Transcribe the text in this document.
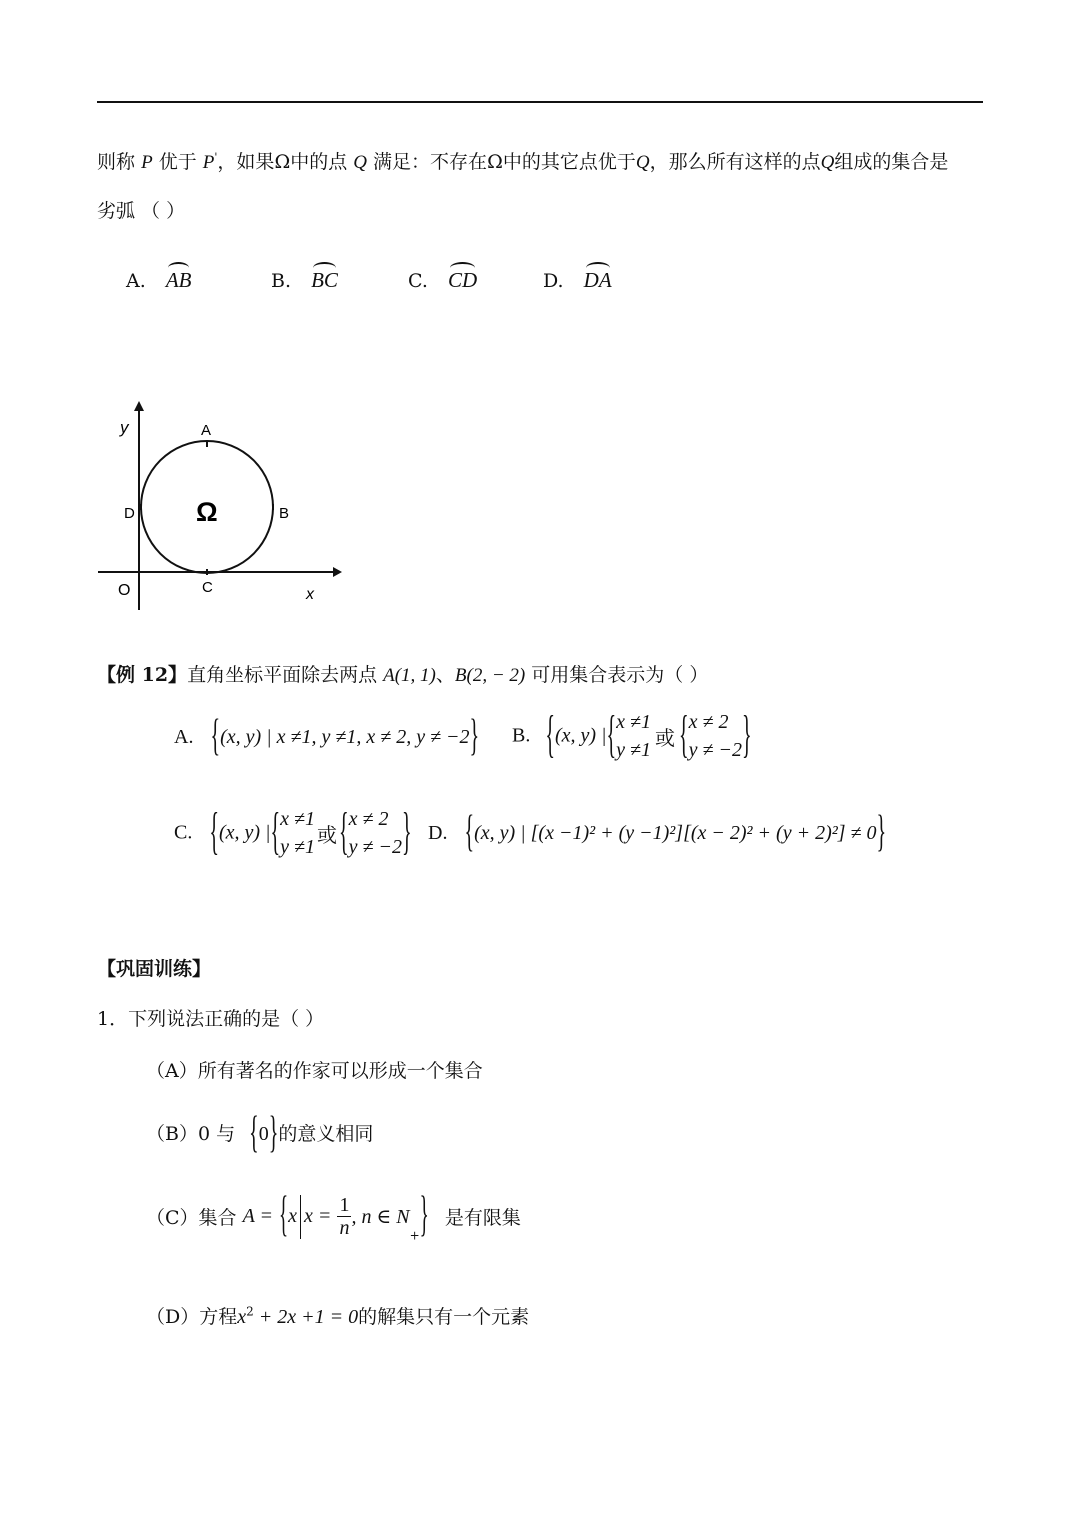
则称 P 优于 P'，如果Ω中的点 Q 满足：不存在Ω中的其它点优于Q，那么所有这样的点Q组成的集合是
劣弧 （ ）
A. AB	B. BC	C. CD	D. DA
y
x
O
A
B
C
D Ω
【例 12】直角坐标平面除去两点 A(1, 1)、B(2, − 2) 可用集合表示为（ ）
A. {(x, y) | x ≠1, y ≠1, x ≠ 2, y ≠ −2} B. {(x, y) |{ x ≠1
y ≠1
或 { x ≠ 2
y ≠ −2 }
C. {(x, y) |{ x ≠1
y ≠1
或 { x ≠ 2
y ≠ −2 } D. {(x, y) | [(x −1)² + (y −1)²][(x − 2)² + (y + 2)²] ≠ 0}
【巩固训练】
1．下列说法正确的是（ ）
（A）所有著名的作家可以形成一个集合
（B）0 与 {0}的意义相同
（C）集合 A = {x $x = \frac{1}{n}$ , n ∈ $N_+$} 是有限集
（D）方程$x^2 + 2x +1 = 0$的解集只有一个元素
